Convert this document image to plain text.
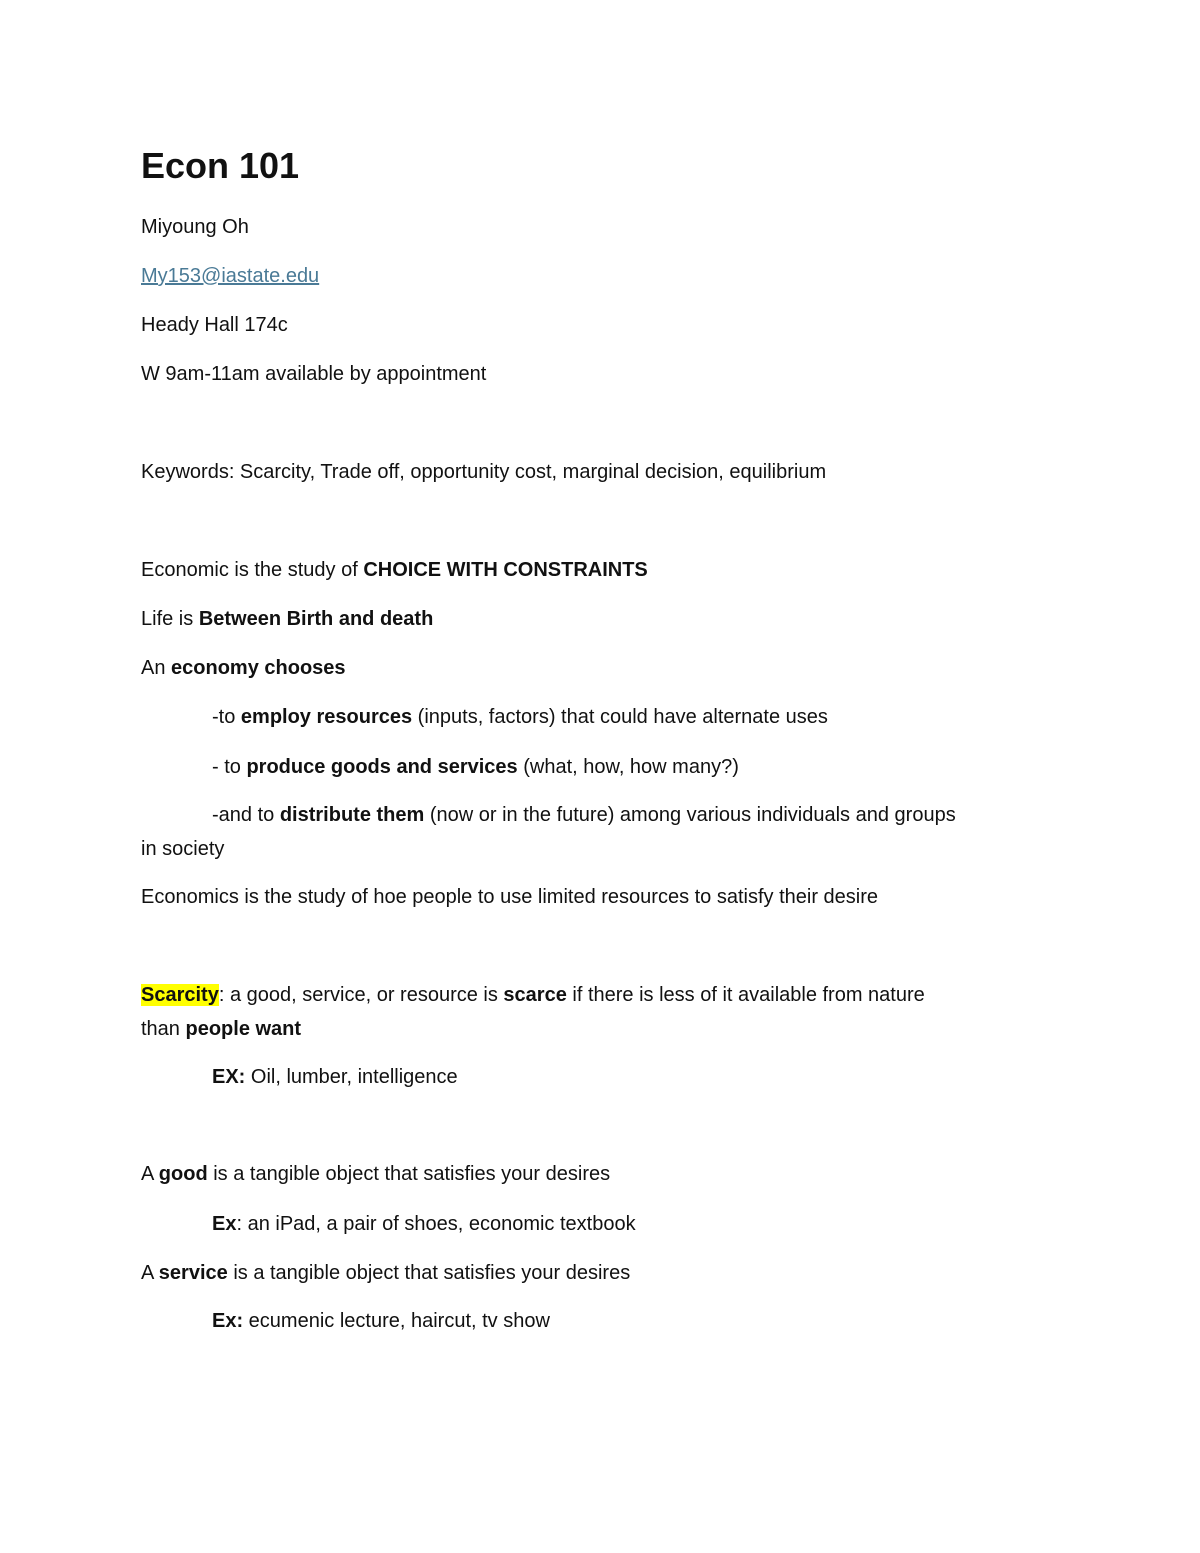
Econ 101
Miyoung Oh
My153@iastate.edu
Heady Hall 174c
W 9am-11am available by appointment
Keywords: Scarcity, Trade off, opportunity cost, marginal decision, equilibrium
Economic is the study of CHOICE WITH CONSTRAINTS
Life is Between Birth and death
An economy chooses
-to employ resources (inputs, factors) that could have alternate uses
- to produce goods and services (what, how, how many?)
-and to distribute them (now or in the future) among various individuals and groups
in society
Economics is the study of hoe people to use limited resources to satisfy their desire
Scarcity: a good, service, or resource is scarce if there is less of it available from nature
than people want
EX: Oil, lumber, intelligence
A good is a tangible object that satisfies your desires
Ex: an iPad, a pair of shoes, economic textbook
A service is a tangible object that satisfies your desires
Ex: ecumenic lecture, haircut, tv show
